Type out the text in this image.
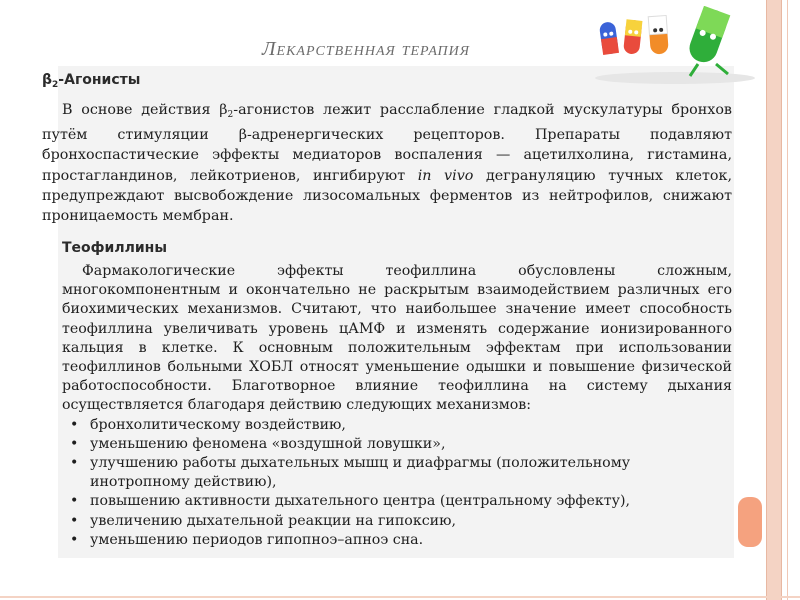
Лекарственная терапия
$\beta_2$-Агонисты
В основе действия $\beta_2$-агонистов лежит расслабление гладкой мускулатуры бронхов путём стимуляции β-адренергических рецепторов. Препараты подавляют бронхоспастические эффекты медиаторов воспаления — ацетилхолина, гистамина, простагландинов, лейкотриенов, ингибируют in vivo дегрануляцию тучных клеток, предупреждают высвобождение лизосомальных ферментов из нейтрофилов, снижают проницаемость мембран.
Теофиллины
Фармакологические эффекты теофиллина обусловлены сложным, многокомпонентным и окончательно не раскрытым взаимодействием различных его биохимических механизмов. Считают, что наибольшее значение имеет способность теофиллина увеличивать уровень цАМФ и изменять содержание ионизированного кальция в клетке. К основным положительным эффектам при использовании теофиллинов больными ХОБЛ относят уменьшение одышки и повышение физической работоспособности. Благотворное влияние теофиллина на систему дыхания осуществляется благодаря действию следующих механизмов:
• бронхолитическому воздействию,
• уменьшению феномена «воздушной ловушки»,
• улучшению работы дыхательных мышц и диафрагмы (положительному инотропному действию),
• повышению активности дыхательного центра (центральному эффекту),
• увеличению дыхательной реакции на гипоксию,
• уменьшению периодов гипопноэ–апноэ сна.
